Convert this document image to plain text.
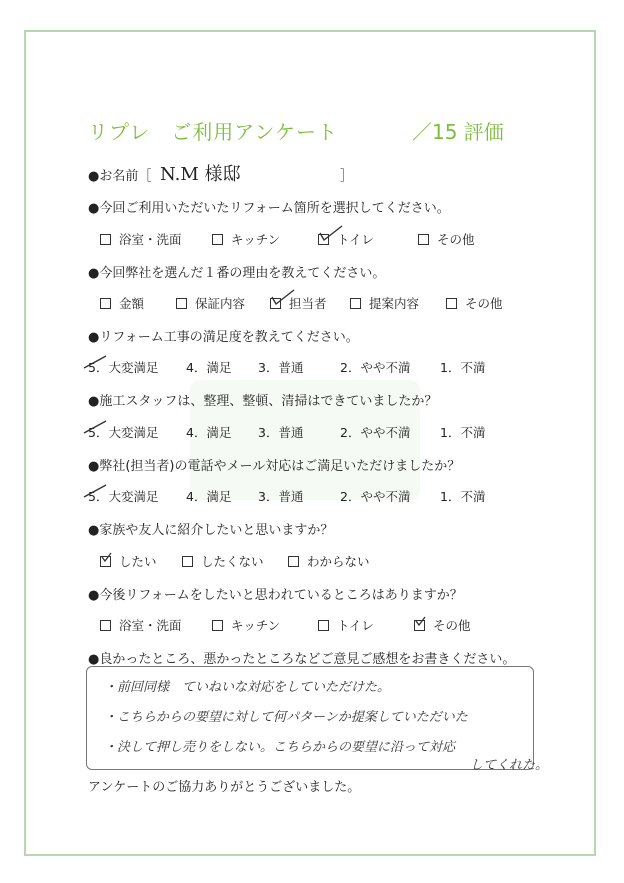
リプレ　ご利用アンケート	／15 評価
●お名前［ N.M 様邸	］
●今回ご利用いただいたリフォーム箇所を選択してください。
浴室・洗面	キッチン	トイレ	その他
●今回弊社を選んだ１番の理由を教えてください。
金額	保証内容	担当者	提案内容	その他
●リフォーム工事の満足度を教えてください。
5．大変満足 4．満足 3．普通	2．やや不満 1．不満
●施工スタッフは、整理、整頓、清掃はできていましたか？
5．大変満足 4．満足 3．普通	2．やや不満 1．不満
●弊社(担当者)の電話やメール対応はご満足いただけましたか？
5．大変満足 4．満足 3．普通	2．やや不満 1．不満
●家族や友人に紹介したいと思いますか？
したい	したくない	わからない
●今後リフォームをしたいと思われているところはありますか？
浴室・洗面	キッチン	トイレ	その他
●良かったところ、悪かったところなどご意見ご感想をお書きください。
・前回同様　ていねいな対応をしていただけた。
・こちらからの要望に対して何パターンか提案していただいた
・決して押し売りをしない。こちらからの要望に沿って対応
してくれた。
アンケートのご協力ありがとうございました。
